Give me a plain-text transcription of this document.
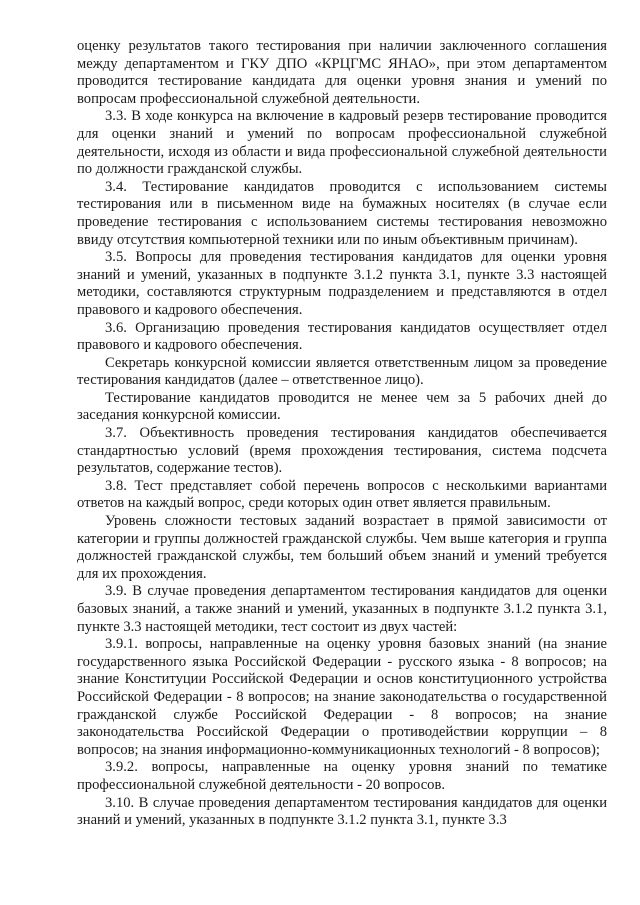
оценку результатов такого тестирования при наличии заключенного соглашения между департаментом и ГКУ ДПО «КРЦГМС ЯНАО», при этом департаментом проводится тестирование кандидата для оценки уровня знания и умений по вопросам профессиональной служебной деятельности.

3.3. В ходе конкурса на включение в кадровый резерв тестирование проводится для оценки знаний и умений по вопросам профессиональной служебной деятельности, исходя из области и вида профессиональной служебной деятельности по должности гражданской службы.

3.4. Тестирование кандидатов проводится с использованием системы тестирования или в письменном виде на бумажных носителях (в случае если проведение тестирования с использованием системы тестирования невозможно ввиду отсутствия компьютерной техники или по иным объективным причинам).

3.5. Вопросы для проведения тестирования кандидатов для оценки уровня знаний и умений, указанных в подпункте 3.1.2 пункта 3.1, пункте 3.3 настоящей методики, составляются структурным подразделением и представляются в отдел правового и кадрового обеспечения.

3.6. Организацию проведения тестирования кандидатов осуществляет отдел правового и кадрового обеспечения.

Секретарь конкурсной комиссии является ответственным лицом за проведение тестирования кандидатов (далее – ответственное лицо).

Тестирование кандидатов проводится не менее чем за 5 рабочих дней до заседания конкурсной комиссии.

3.7. Объективность проведения тестирования кандидатов обеспечивается стандартностью условий (время прохождения тестирования, система подсчета результатов, содержание тестов).

3.8. Тест представляет собой перечень вопросов с несколькими вариантами ответов на каждый вопрос, среди которых один ответ является правильным.

Уровень сложности тестовых заданий возрастает в прямой зависимости от категории и группы должностей гражданской службы. Чем выше категория и группа должностей гражданской службы, тем больший объем знаний и умений требуется для их прохождения.

3.9. В случае проведения департаментом тестирования кандидатов для оценки базовых знаний, а также знаний и умений, указанных в подпункте 3.1.2 пункта 3.1, пункте 3.3 настоящей методики, тест состоит из двух частей:

3.9.1. вопросы, направленные на оценку уровня базовых знаний (на знание государственного языка Российской Федерации - русского языка - 8 вопросов; на знание Конституции Российской Федерации и основ конституционного устройства Российской Федерации - 8 вопросов; на знание законодательства о государственной гражданской службе Российской Федерации - 8 вопросов; на знание законодательства Российской Федерации о противодействии коррупции – 8 вопросов; на знания информационно-коммуникационных технологий - 8 вопросов);

3.9.2. вопросы, направленные на оценку уровня знаний по тематике профессиональной служебной деятельности - 20 вопросов.

3.10. В случае проведения департаментом тестирования кандидатов для оценки знаний и умений, указанных в подпункте 3.1.2 пункта 3.1, пункте 3.3
